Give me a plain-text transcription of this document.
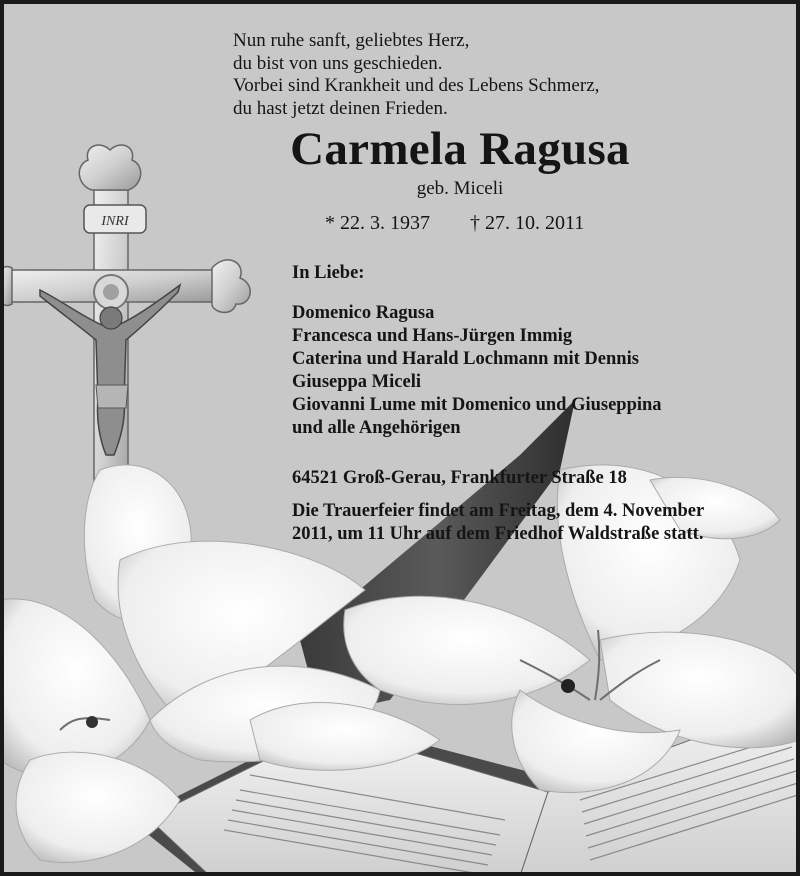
INRI
Nun ruhe sanft, geliebtes Herz,
du bist von uns geschieden.
Vorbei sind Krankheit und des Lebens Schmerz,
du hast jetzt deinen Frieden.
Carmela Ragusa
geb. Miceli
* 22. 3. 1937 † 27. 10. 2011
In Liebe:
Domenico Ragusa
Francesca und Hans-Jürgen Immig
Caterina und Harald Lochmann mit Dennis
Giuseppa Miceli
Giovanni Lume mit Domenico und Giuseppina
und alle Angehörigen
64521 Groß-Gerau, Frankfurter Straße 18
Die Trauerfeier findet am Freitag, dem 4. November
2011, um 11 Uhr auf dem Friedhof Waldstraße statt.
